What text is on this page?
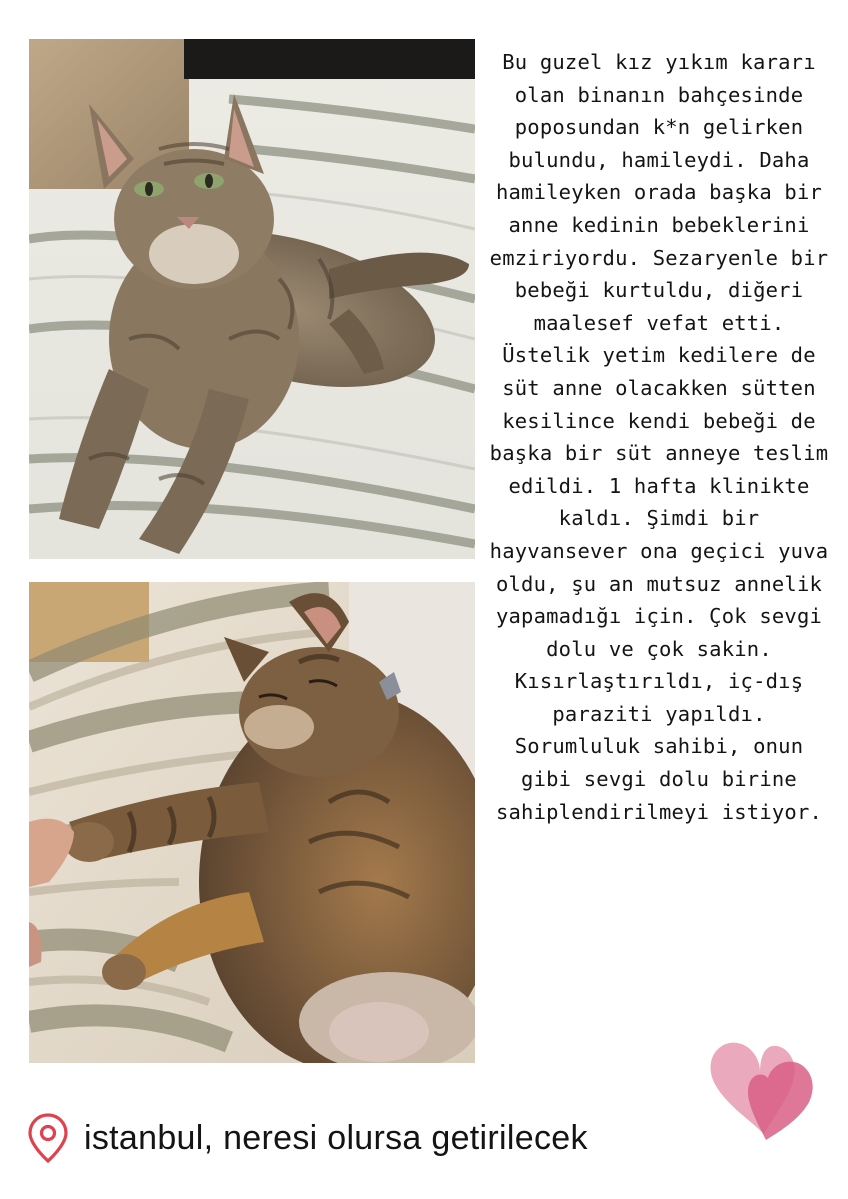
Bu guzel kız yıkım kararı olan binanın bahçesinde poposundan k*n gelirken bulundu, hamileydi. Daha hamileyken orada başka bir anne kedinin bebeklerini emziriyordu. Sezaryenle bir bebeği kurtuldu, diğeri maalesef vefat etti. Üstelik yetim kedilere de süt anne olacakken sütten kesilince kendi bebeği de başka bir süt anneye teslim edildi. 1 hafta klinikte kaldı. Şimdi bir hayvansever ona geçici yuva oldu, şu an mutsuz annelik yapamadığı için. Çok sevgi dolu ve çok sakin. Kısırlaştırıldı, iç-dış paraziti yapıldı. Sorumluluk sahibi, onun gibi sevgi dolu birine sahiplendirilmeyi istiyor.

istanbul, neresi olursa getirilecek
